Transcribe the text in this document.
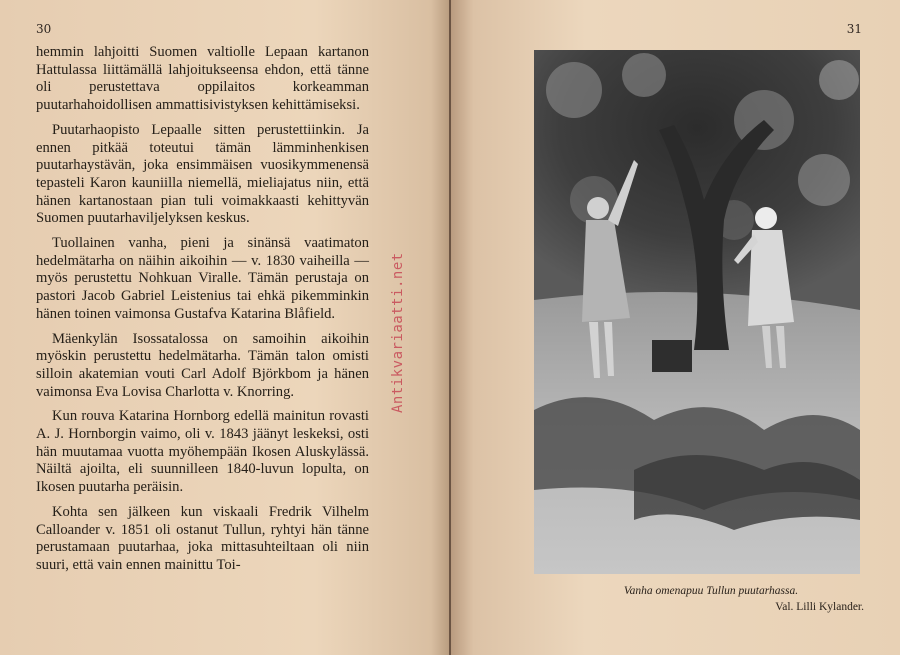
30

hemmin lahjoitti Suomen valtiolle Lepaan kartanon Hattulassa liittämällä lahjoitukseensa ehdon, että tänne oli perustettava oppilaitos korkeamman puutarhahoidollisen ammattisivistyksen kehittämiseksi.

Puutarhaopisto Lepaalle sitten perustettiinkin. Ja ennen pitkää toteutui tämän lämminhenkisen puutarhaystävän, joka ensimmäisen vuosikymmenensä tepasteli Karon kauniilla niemellä, mieliajatus niin, että hänen kartanostaan pian tuli voimakkaasti kehittyvän Suomen puutarhaviljelyksen keskus.

Tuollainen vanha, pieni ja sinänsä vaatimaton hedelmätarha on näihin aikoihin — v. 1830 vaiheilla — myös perustettu Nohkuan Viralle. Tämän perustaja on pastori Jacob Gabriel Leistenius tai ehkä pikemminkin hänen toinen vaimonsa Gustafva Katarina Blåfield.

Mäenkylän Isossatalossa on samoihin aikoihin myöskin perustettu hedelmätarha. Tämän talon omisti silloin akatemian vouti Carl Adolf Björkbom ja hänen vaimonsa Eva Lovisa Charlotta v. Knorring.

Kun rouva Katarina Hornborg edellä mainitun rovasti A. J. Hornborgin vaimo, oli v. 1843 jäänyt leskeksi, osti hän muutamaa vuotta myöhempään Ikosen Aluskylässä. Näiltä ajoilta, eli suunnilleen 1840-luvun lopulta, on Ikosen puutarha peräisin.

Kohta sen jälkeen kun viskaali Fredrik Vilhelm Calloander v. 1851 oli ostanut Tullun, ryhtyi hän tänne perustamaan puutarhaa, joka mittasuhteiltaan oli niin suuri, että vain ennen mainittu Toi-

Antikvariaatti.net
31
Vanha omenapuu Tullun puutarhassa.
Val. Lilli Kylander.
